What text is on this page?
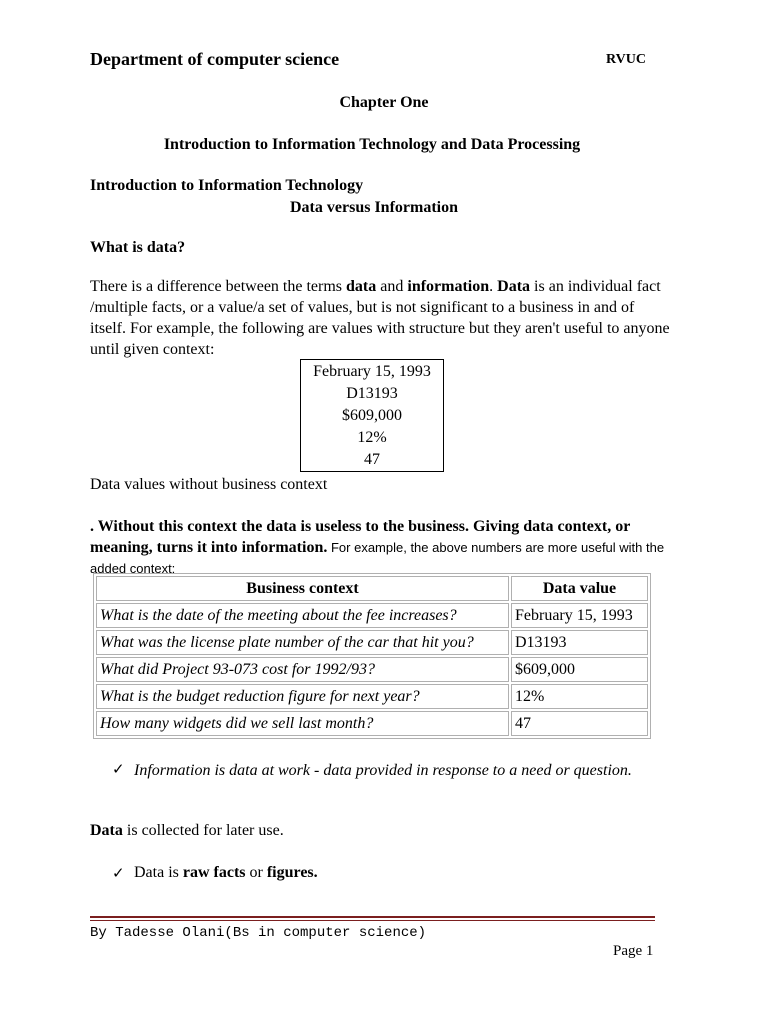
Department of computer science	RVUC
Chapter One
Introduction to Information Technology and Data Processing
Introduction to Information Technology
Data versus Information
What is data?
There is a difference between the terms data and information. Data is an individual fact /multiple facts, or a value/a set of values, but is not significant to a business in and of itself. For example, the following are values with structure but they aren't useful to anyone until given context:
February 15, 1993
D13193
$609,000
12%
47
Data values without business context
. Without this context the data is useless to the business. Giving data context, or meaning, turns it into information. For example, the above numbers are more useful with the added context:
Business context	Data value
What is the date of the meeting about the fee increases?	February 15, 1993
What was the license plate number of the car that hit you?	D13193
What did Project 93-073 cost for 1992/93?	$609,000
What is the budget reduction figure for next year?	12%
How many widgets did we sell last month?	47
✓ Information is data at work - data provided in response to a need or question.
Data is collected for later use.
✓ Data is raw facts or figures.
By Tadesse Olani(Bs in computer science)
Page 1
